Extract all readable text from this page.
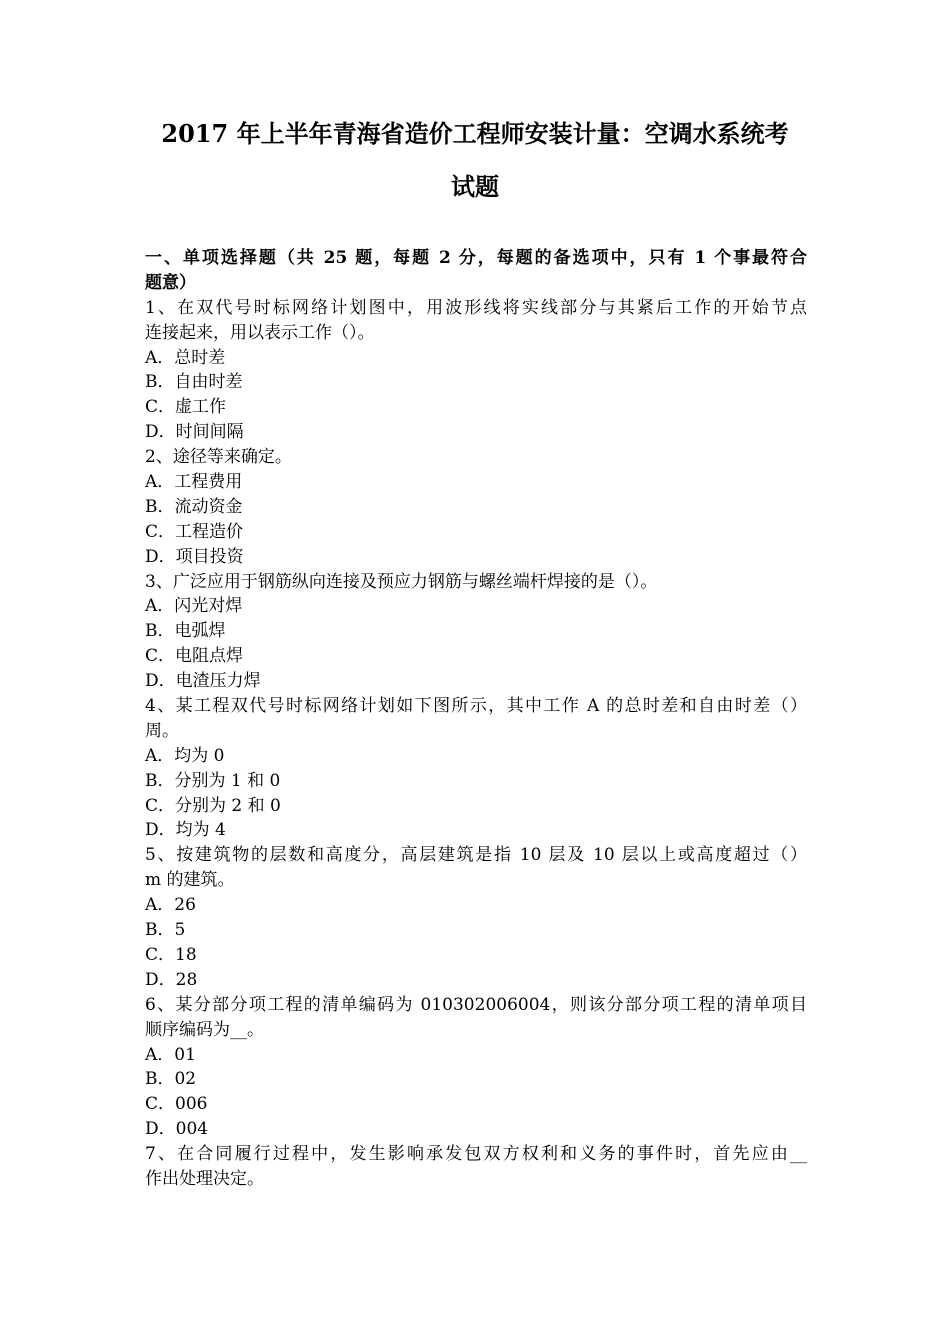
2017 年上半年青海省造价工程师安装计量：空调水系统考
试题
一、单项选择题（共 25 题，每题 2 分，每题的备选项中，只有 1 个事最符合
题意）
1、在双代号时标网络计划图中，用波形线将实线部分与其紧后工作的开始节点
连接起来，用以表示工作（）。
A．总时差
B．自由时差
C．虚工作
D．时间间隔
2、途径等来确定。
A．工程费用
B．流动资金
C．工程造价
D．项目投资
3、广泛应用于钢筋纵向连接及预应力钢筋与螺丝端杆焊接的是（）。
A．闪光对焊
B．电弧焊
C．电阻点焊
D．电渣压力焊
4、某工程双代号时标网络计划如下图所示，其中工作 A 的总时差和自由时差（）
周。
A．均为 0
B．分别为 1 和 0
C．分别为 2 和 0
D．均为 4
5、按建筑物的层数和高度分，高层建筑是指 10 层及 10 层以上或高度超过（）
m 的建筑。
A．26
B．5
C．18
D．28
6、某分部分项工程的清单编码为 010302006004，则该分部分项工程的清单项目
顺序编码为__。
A．01
B．02
C．006
D．004
7、在合同履行过程中，发生影响承发包双方权利和义务的事件时，首先应由__
作出处理决定。
